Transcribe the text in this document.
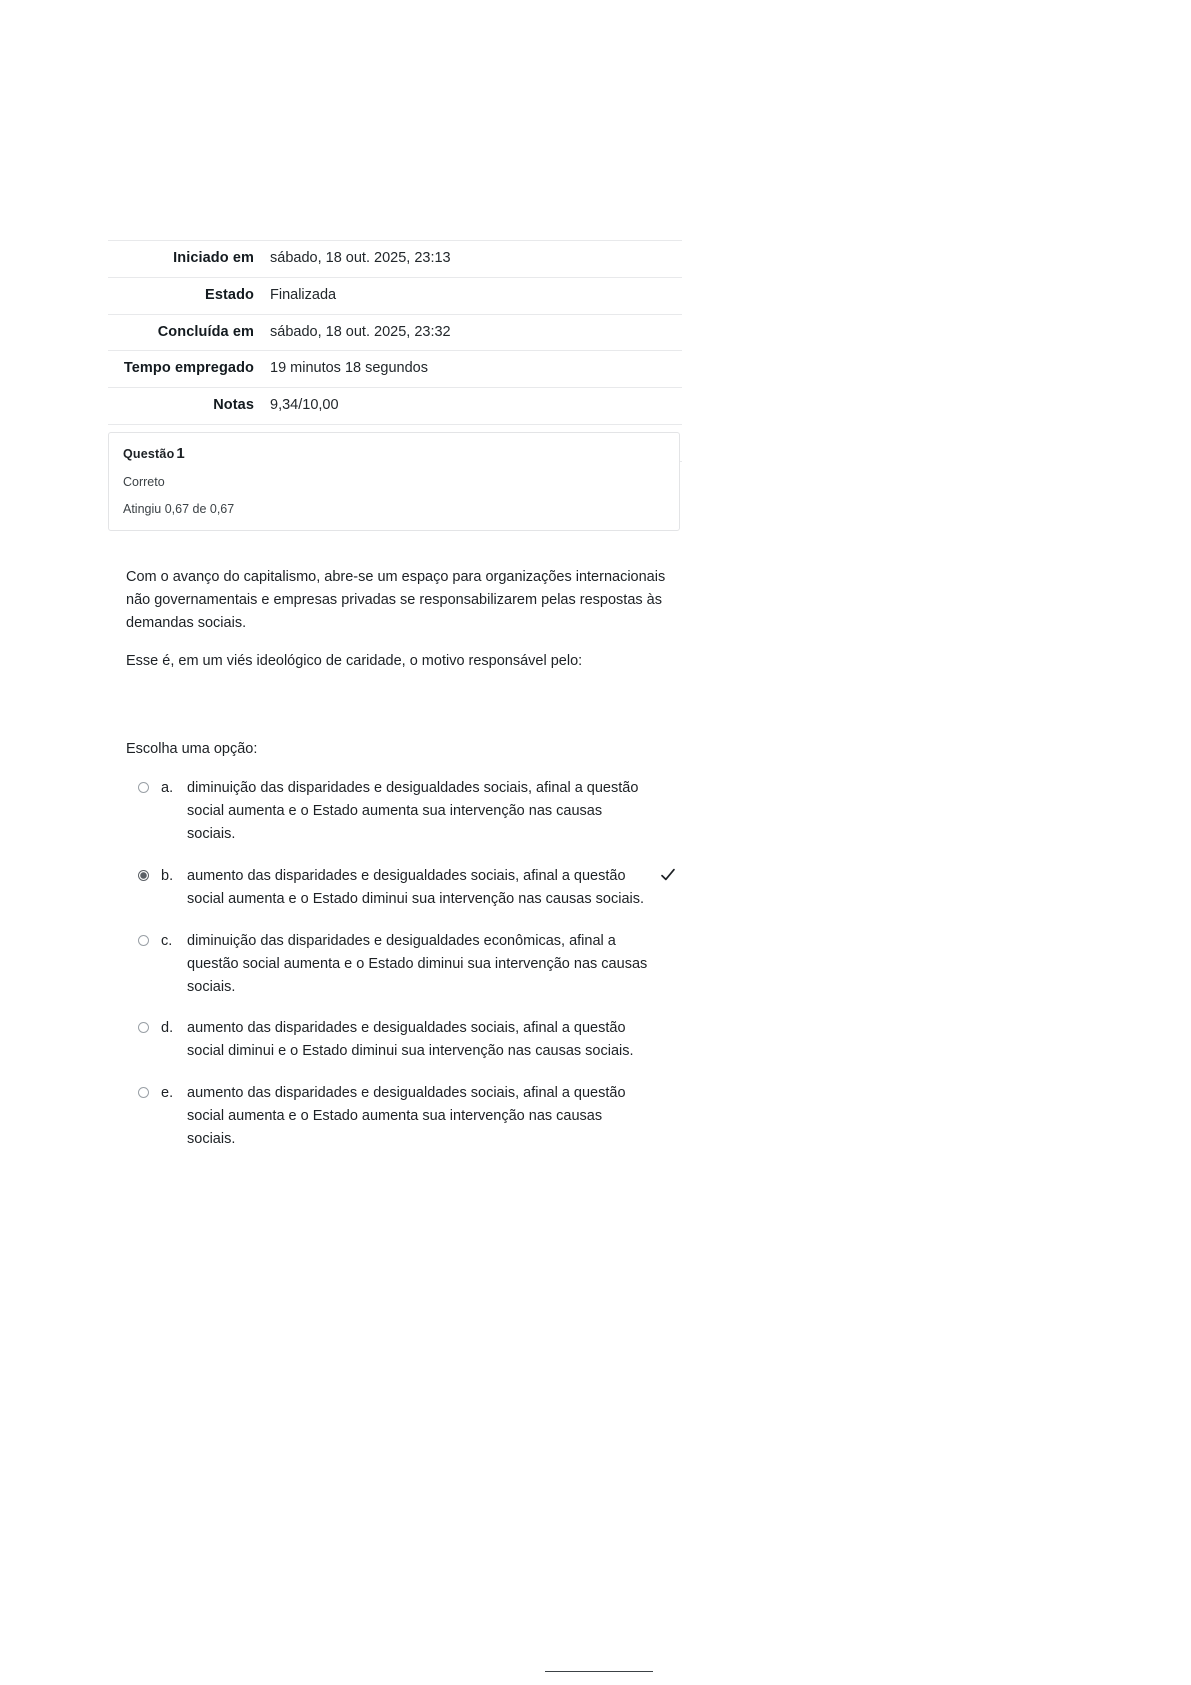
Iniciado em	sábado, 18 out. 2025, 23:13
Estado	Finalizada
Concluída em	sábado, 18 out. 2025, 23:32
Tempo empregado	19 minutos 18 segundos
Notas	9,34/10,00

Questão 1
Correto
Atingiu 0,67 de 0,67

Com o avanço do capitalismo, abre-se um espaço para organizações internacionais não governamentais e empresas privadas se responsabilizarem pelas respostas às demandas sociais.

Esse é, em um viés ideológico de caridade, o motivo responsável pelo:

Escolha uma opção:
a. diminuição das disparidades e desigualdades sociais, afinal a questão social aumenta e o Estado aumenta sua intervenção nas causas sociais.
b. aumento das disparidades e desigualdades sociais, afinal a questão social aumenta e o Estado diminui sua intervenção nas causas sociais.
c.	diminuição das disparidades e desigualdades econômicas, afinal a questão social aumenta e o Estado diminui sua intervenção nas causas sociais.
d. aumento das disparidades e desigualdades sociais, afinal a questão social diminui e o Estado diminui sua intervenção nas causas sociais.
e. aumento das disparidades e desigualdades sociais, afinal a questão social aumenta e o Estado aumenta sua intervenção nas causas sociais.
